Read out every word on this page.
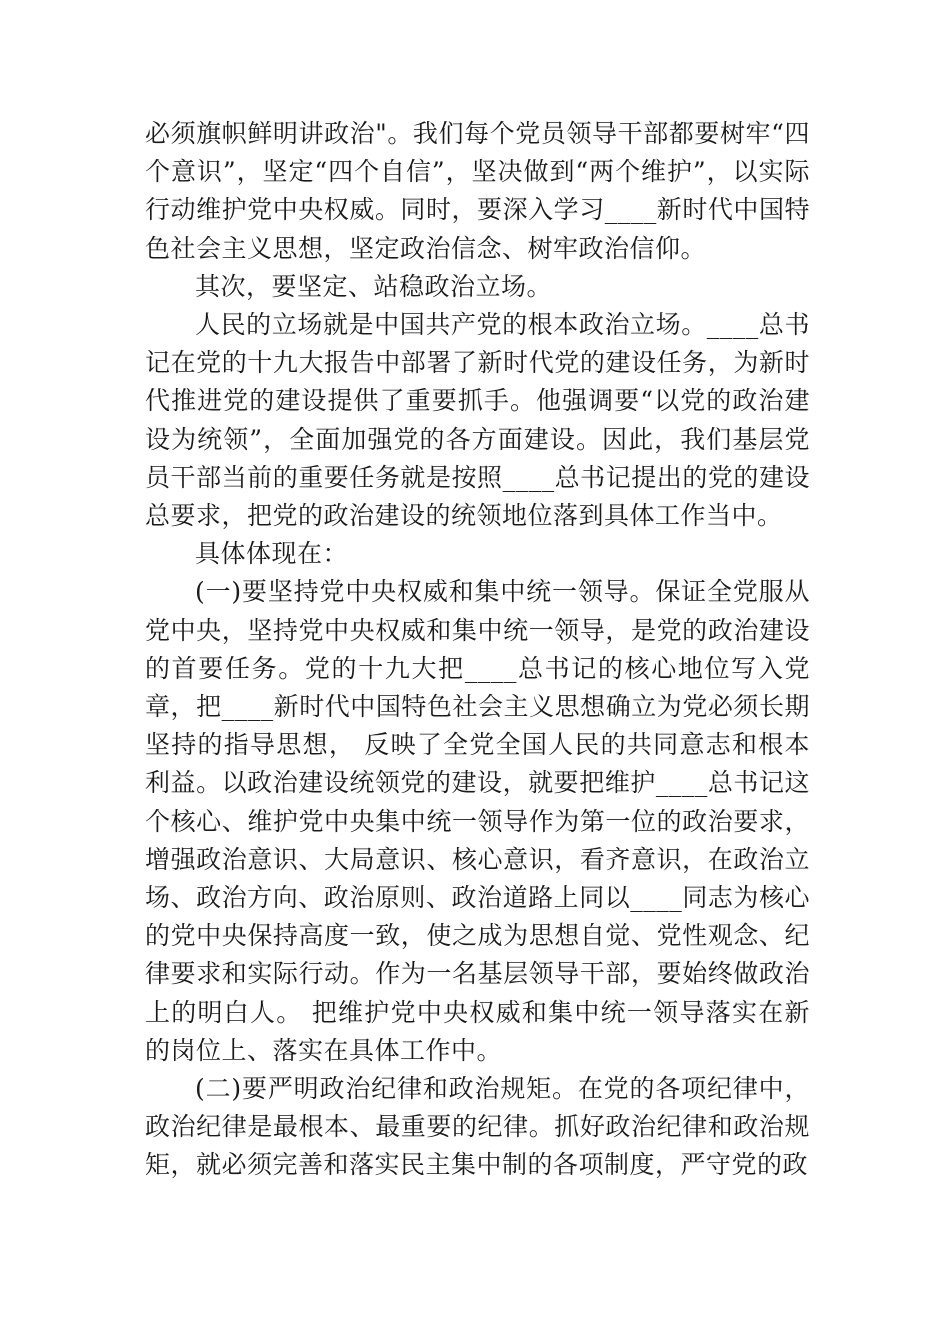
必须旗帜鲜明讲政治"。我们每个党员领导干部都要树牢“四个意识”，坚定“四个自信”，坚决做到“两个维护”，以实际行动维护党中央权威。同时，要深入学习____新时代中国特色社会主义思想，坚定政治信念、树牢政治信仰。

其次，要坚定、站稳政治立场。

人民的立场就是中国共产党的根本政治立场。____总书记在党的十九大报告中部署了新时代党的建设任务，为新时代推进党的建设提供了重要抓手。他强调要“以党的政治建设为统领”，全面加强党的各方面建设。因此，我们基层党员干部当前的重要任务就是按照____总书记提出的党的建设总要求，把党的政治建设的统领地位落到具体工作当中。

具体体现在：

(一)要坚持党中央权威和集中统一领导。保证全党服从党中央，坚持党中央权威和集中统一领导，是党的政治建设的首要任务。党的十九大把____总书记的核心地位写入党章，把____新时代中国特色社会主义思想确立为党必须长期坚持的指导思想， 反映了全党全国人民的共同意志和根本利益。以政治建设统领党的建设，就要把维护____总书记这个核心、维护党中央集中统一领导作为第一位的政治要求，增强政治意识、大局意识、核心意识，看齐意识，在政治立场、政治方向、政治原则、政治道路上同以____同志为核心的党中央保持高度一致，使之成为思想自觉、党性观念、纪律要求和实际行动。作为一名基层领导干部，要始终做政治上的明白人。 把维护党中央权威和集中统一领导落实在新的岗位上、落实在具体工作中。

(二)要严明政治纪律和政治规矩。在党的各项纪律中，政治纪律是最根本、最重要的纪律。抓好政治纪律和政治规矩，就必须完善和落实民主集中制的各项制度，严守党的政
